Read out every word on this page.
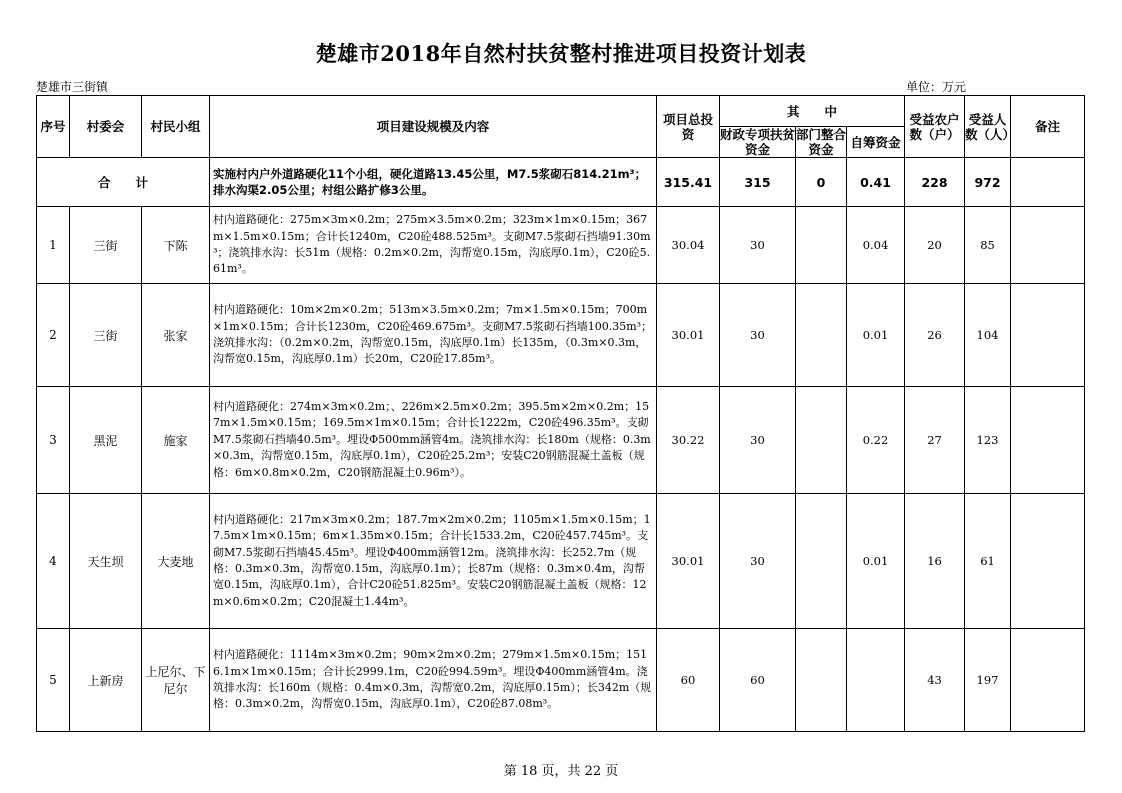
楚雄市2018年自然村扶贫整村推进项目投资计划表
楚雄市三街镇	单位：万元
序号	村委会	村民小组	项目建设规模及内容	项目总投资	其　　中			受益农户数（户）	受益人数（人）	备注
					财政专项扶贫资金	部门整合资金	自筹资金			
合　　计			实施村内户外道路硬化11个小组，硬化道路13.45公里，M7.5浆砌石814.21m³；排水沟渠2.05公里；村组公路扩修3公里。	315.41	315	0	0.41	228	972	
1	三街	下陈	村内道路硬化：275m×3m×0.2m；275m×3.5m×0.2m；323m×1m×0.15m；367m×1.5m×0.15m；合计长1240m，C20砼488.525m³。支砌M7.5浆砌石挡墙91.30m³；浇筑排水沟：长51m（规格：0.2m×0.2m，沟帮宽0.15m，沟底厚0.1m），C20砼5.61m³。	30.04	30		0.04	20	85	
2	三街	张家	村内道路硬化：10m×2m×0.2m；513m×3.5m×0.2m；7m×1.5m×0.15m；700m×1m×0.15m；合计长1230m，C20砼469.675m³。支砌M7.5浆砌石挡墙100.35m³；浇筑排水沟：（0.2m×0.2m，沟帮宽0.15m，沟底厚0.1m）长135m，（0.3m×0.3m，沟帮宽0.15m，沟底厚0.1m）长20m，C20砼17.85m³。	30.01	30		0.01	26	104	
3	黑泥	施家	村内道路硬化：274m×3m×0.2m；、226m×2.5m×0.2m；395.5m×2m×0.2m；157m×1.5m×0.15m；169.5m×1m×0.15m；合计长1222m，C20砼496.35m³。支砌M7.5浆砌石挡墙40.5m³。埋设Φ500mm涵管4m。浇筑排水沟：长180m（规格：0.3m×0.3m，沟帮宽0.15m，沟底厚0.1m），C20砼25.2m³；安装C20钢筋混凝土盖板（规格：6m×0.8m×0.2m，C20钢筋混凝土0.96m³）。	30.22	30		0.22	27	123	
4	天生坝	大麦地	村内道路硬化：217m×3m×0.2m；187.7m×2m×0.2m；1105m×1.5m×0.15m；17.5m×1m×0.15m；6m×1.35m×0.15m；合计长1533.2m，C20砼457.745m³。支砌M7.5浆砌石挡墙45.45m³。埋设Φ400mm涵管12m。浇筑排水沟：长252.7m（规格：0.3m×0.3m，沟帮宽0.15m，沟底厚0.1m）；长87m（规格：0.3m×0.4m，沟帮宽0.15m，沟底厚0.1m），合计C20砼51.825m³。安装C20钢筋混凝土盖板（规格：12m×0.6m×0.2m；C20混凝土1.44m³。	30.01	30		0.01	16	61	
5	上新房	上尼尔、下尼尔	村内道路硬化：1114m×3m×0.2m；90m×2m×0.2m；279m×1.5m×0.15m；1516.1m×1m×0.15m；合计长2999.1m，C20砼994.59m³。埋设Φ400mm涵管4m。浇筑排水沟：长160m（规格：0.4m×0.3m，沟帮宽0.2m，沟底厚0.15m）；长342m（规格：0.3m×0.2m，沟帮宽0.15m，沟底厚0.1m），C20砼87.08m³。	60	60			43	197	
第 18 页，共 22 页
